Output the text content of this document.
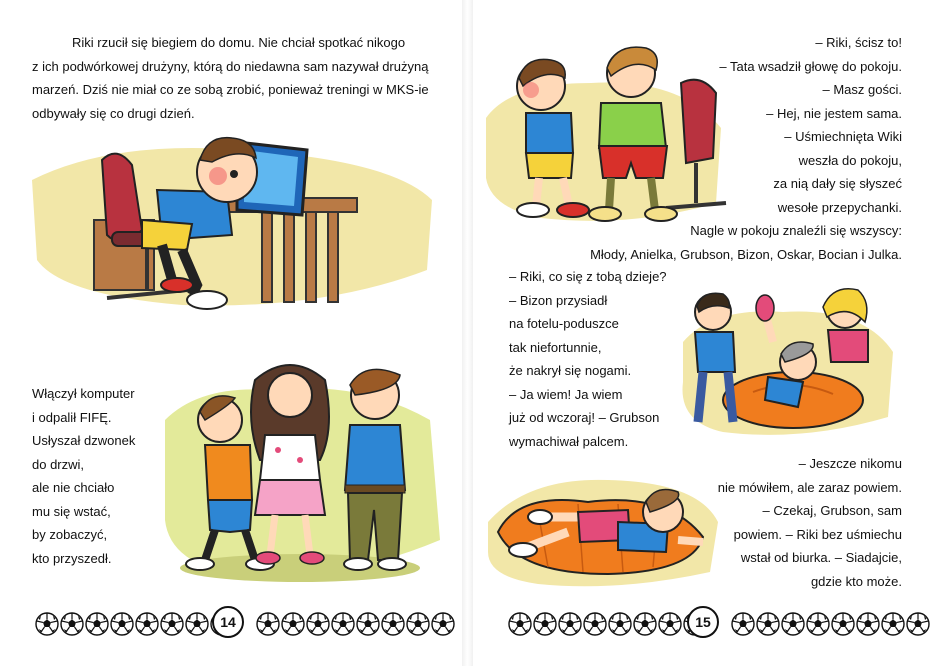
Riki rzucił się biegiem do domu. Nie chciał spotkać nikogo
z ich podwórkowej drużyny, którą do niedawna sam nazywał drużyną
marzeń. Dziś nie miał co ze sobą zrobić, ponieważ treningi w MKS-ie
odbywały się co drugi dzień.
Włączył komputer
i odpalił FIFĘ.
Usłyszał dzwonek
do drzwi,
ale nie chciało
mu się wstać,
by zobaczyć,
kto przyszedł.
14
– Riki, ścisz to!
– Tata wsadził głowę do pokoju.
– Masz gości.
– Hej, nie jestem sama.
– Uśmiechnięta Wiki
weszła do pokoju,
za nią dały się słyszeć
wesołe przepychanki.
Nagle w pokoju znaleźli się wszyscy:
Młody, Anielka, Grubson, Bizon, Oskar, Bocian i Julka.
– Riki, co się z tobą dzieje?
– Bizon przysiadł
na fotelu-poduszce
tak niefortunnie,
że nakrył się nogami.
– Ja wiem! Ja wiem
już od wczoraj! – Grubson
wymachiwał palcem.
– Jeszcze nikomu
nie mówiłem, ale zaraz powiem.
– Czekaj, Grubson, sam
powiem. – Riki bez uśmiechu
wstał od biurka. – Siadajcie,
gdzie kto może.
15
